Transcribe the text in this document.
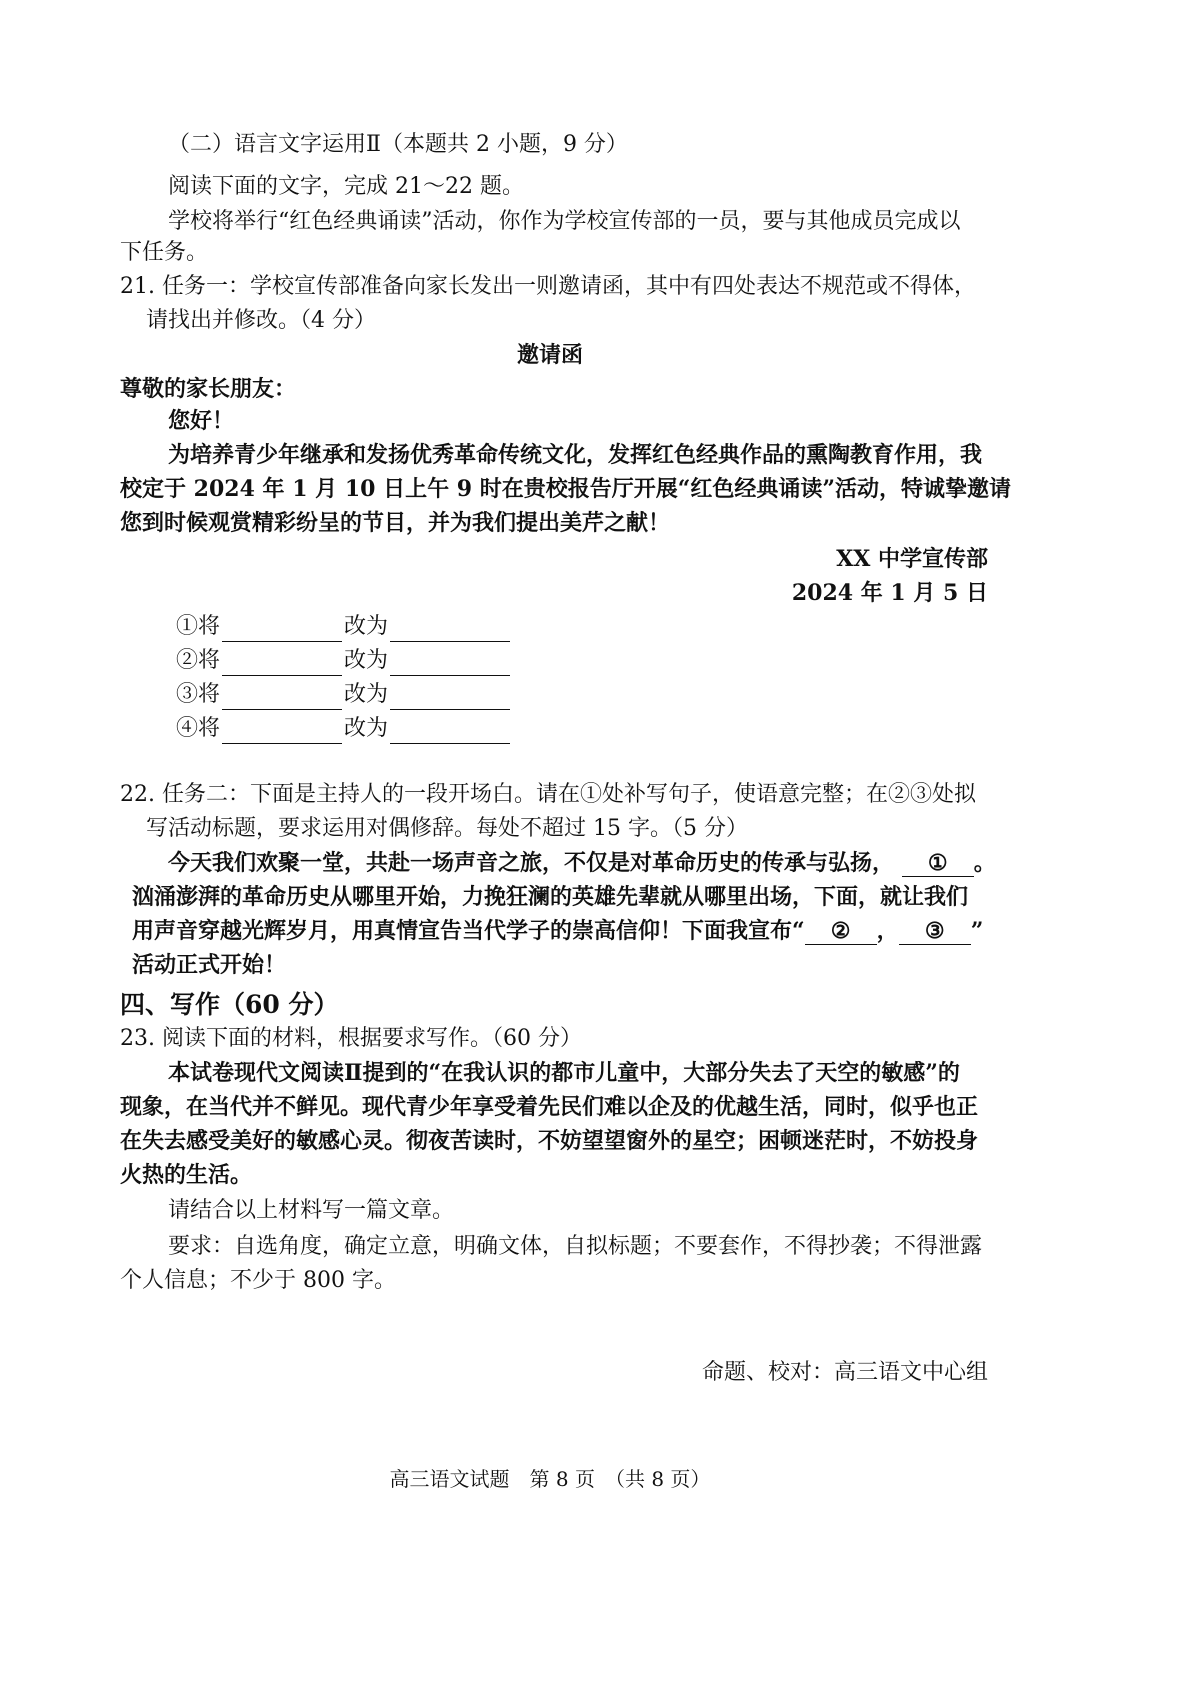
（二）语言文字运用Ⅱ（本题共 2 小题，9 分）
阅读下面的文字，完成 21～22 题。
学校将举行“红色经典诵读”活动，你作为学校宣传部的一员，要与其他成员完成以
下任务。
21. 任务一：学校宣传部准备向家长发出一则邀请函，其中有四处表达不规范或不得体，
请找出并修改。（4 分）
邀请函
尊敬的家长朋友：
您好！
为培养青少年继承和发扬优秀革命传统文化，发挥红色经典作品的熏陶教育作用，我
校定于 2024 年 1 月 10 日上午 9 时在贵校报告厅开展“红色经典诵读”活动，特诚挚邀请
您到时候观赏精彩纷呈的节目，并为我们提出美芹之献！
XX 中学宣传部
2024 年 1 月 5 日
①将	改为
②将	改为
③将	改为
④将	改为
22. 任务二：下面是主持人的一段开场白。请在①处补写句子，使语意完整；在②③处拟
写活动标题，要求运用对偶修辞。每处不超过 15 字。（5 分）
今天我们欢聚一堂，共赴一场声音之旅，不仅是对革命历史的传承与弘扬， ① 。
汹涌澎湃的革命历史从哪里开始，力挽狂澜的英雄先辈就从哪里出场，下面，就让我们
用声音穿越光辉岁月，用真情宣告当代学子的崇高信仰！下面我宣布“ ② ， ③ ”
活动正式开始！
四、写作（60 分）
23. 阅读下面的材料，根据要求写作。（60 分）
本试卷现代文阅读Ⅱ提到的“在我认识的都市儿童中，大部分失去了天空的敏感”的
现象，在当代并不鲜见。现代青少年享受着先民们难以企及的优越生活，同时，似乎也正
在失去感受美好的敏感心灵。彻夜苦读时，不妨望望窗外的星空；困顿迷茫时，不妨投身
火热的生活。
请结合以上材料写一篇文章。
要求：自选角度，确定立意，明确文体，自拟标题；不要套作，不得抄袭；不得泄露
个人信息；不少于 800 字。
命题、校对：高三语文中心组
高三语文试题　第 8 页　（共 8 页）
